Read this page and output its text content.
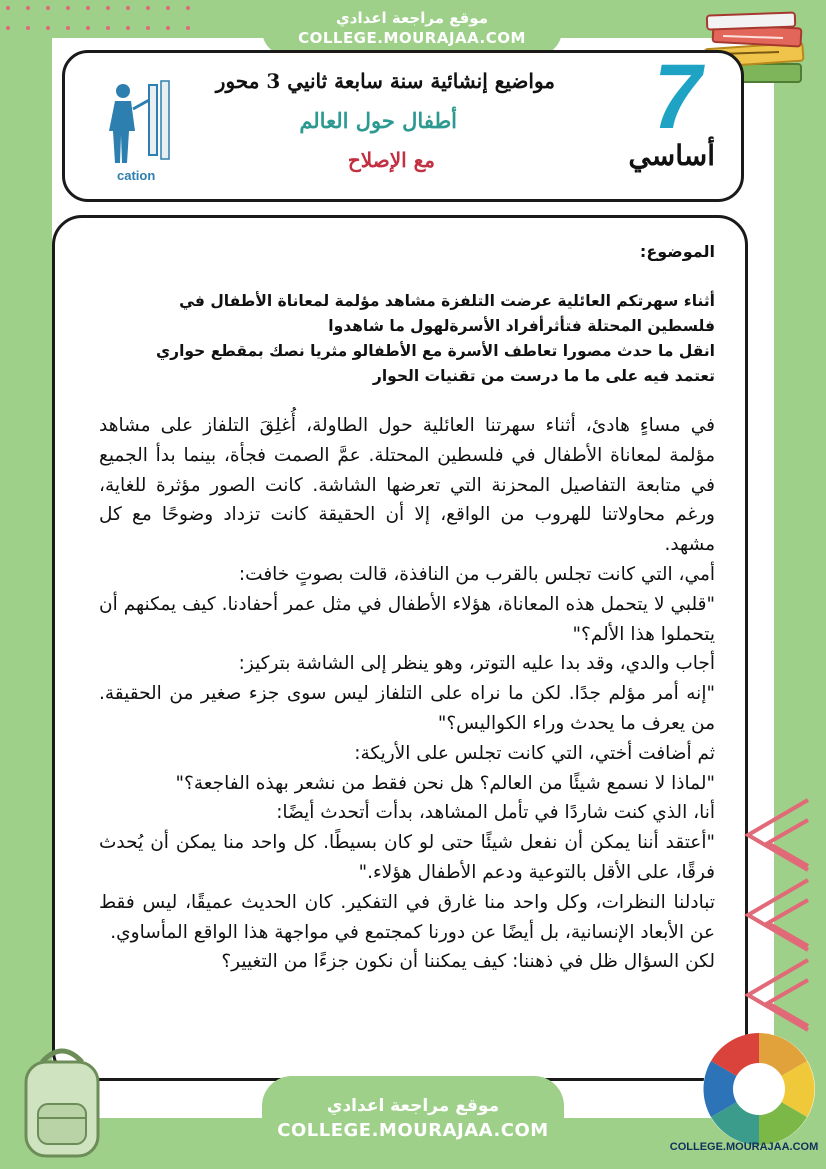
موقع مراجعة اعدادي
COLLEGE.MOURAJAA.COM
cation
مواضيع إنشائية سنة سابعة ثانيي 3 محور
أطفال حول العالم
مع الإصلاح
7
أساسي
الموضوع:

أثناء سهرتكم العائلية عرضت التلفزة مشاهد مؤلمة لمعاناة الأطفال في

فلسطين المحتلة فتأثرأفراد الأسرةلهول ما شاهدوا

انقل ما حدث مصورا تعاطف الأسرة مع الأطفالو مثريا نصك بمقطع حواري

تعتمد فيه على ما ما درست من تقنيات الحوار

في مساءٍ هادئ، أثناء سهرتنا العائلية حول الطاولة، أُغلِقَ التلفاز على مشاهد مؤلمة لمعاناة الأطفال في فلسطين المحتلة. عمَّ الصمت فجأة، بينما بدأ الجميع في متابعة التفاصيل المحزنة التي تعرضها الشاشة. كانت الصور مؤثرة للغاية، ورغم محاولاتنا للهروب من الواقع، إلا أن الحقيقة كانت تزداد وضوحًا مع كل مشهد.

أمي، التي كانت تجلس بالقرب من النافذة، قالت بصوتٍ خافت:

"قلبي لا يتحمل هذه المعاناة، هؤلاء الأطفال في مثل عمر أحفادنا. كيف يمكنهم أن يتحملوا هذا الألم؟"

أجاب والدي، وقد بدا عليه التوتر، وهو ينظر إلى الشاشة بتركيز:

"إنه أمر مؤلم جدًا. لكن ما نراه على التلفاز ليس سوى جزء صغير من الحقيقة. من يعرف ما يحدث وراء الكواليس؟"

ثم أضافت أختي، التي كانت تجلس على الأريكة:

"لماذا لا نسمع شيئًا من العالم؟ هل نحن فقط من نشعر بهذه الفاجعة؟"

أنا، الذي كنت شاردًا في تأمل المشاهد، بدأت أتحدث أيضًا:

"أعتقد أننا يمكن أن نفعل شيئًا حتى لو كان بسيطًا. كل واحد منا يمكن أن يُحدث فرقًا، على الأقل بالتوعية ودعم الأطفال هؤلاء."

تبادلنا النظرات، وكل واحد منا غارق في التفكير. كان الحديث عميقًا، ليس فقط عن الأبعاد الإنسانية، بل أيضًا عن دورنا كمجتمع في مواجهة هذا الواقع المأساوي.

لكن السؤال ظل في ذهننا: كيف يمكننا أن نكون جزءًا من التغيير؟

موقع مراجعة اعدادي
COLLEGE.MOURAJAA.COM
COLLEGE.MOURAJAA.COM
